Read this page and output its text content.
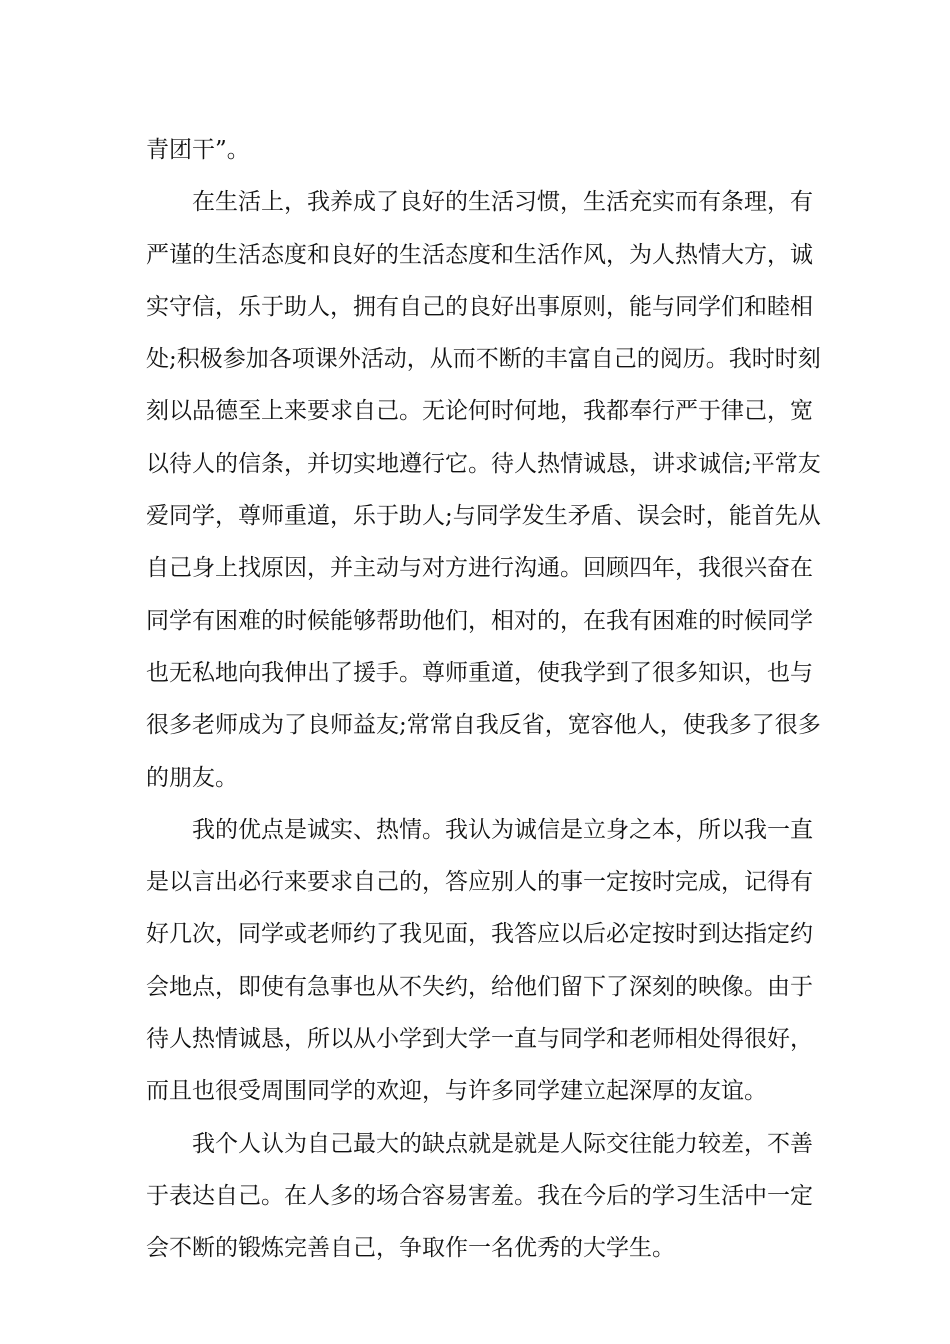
青团干”。
在生活上，我养成了良好的生活习惯，生活充实而有条理，有
严谨的生活态度和良好的生活态度和生活作风，为人热情大方，诚
实守信，乐于助人，拥有自己的良好出事原则，能与同学们和睦相
处;积极参加各项课外活动，从而不断的丰富自己的阅历。我时时刻
刻以品德至上来要求自己。无论何时何地，我都奉行严于律己，宽
以待人的信条，并切实地遵行它。待人热情诚恳，讲求诚信;平常友
爱同学，尊师重道，乐于助人;与同学发生矛盾、误会时，能首先从
自己身上找原因，并主动与对方进行沟通。回顾四年，我很兴奋在
同学有困难的时候能够帮助他们，相对的，在我有困难的时候同学
也无私地向我伸出了援手。尊师重道，使我学到了很多知识，也与
很多老师成为了良师益友;常常自我反省，宽容他人，使我多了很多
的朋友。
我的优点是诚实、热情。我认为诚信是立身之本，所以我一直
是以言出必行来要求自己的，答应别人的事一定按时完成，记得有
好几次，同学或老师约了我见面，我答应以后必定按时到达指定约
会地点，即使有急事也从不失约，给他们留下了深刻的映像。由于
待人热情诚恳，所以从小学到大学一直与同学和老师相处得很好，
而且也很受周围同学的欢迎，与许多同学建立起深厚的友谊。
我个人认为自己最大的缺点就是就是人际交往能力较差，不善
于表达自己。在人多的场合容易害羞。我在今后的学习生活中一定
会不断的锻炼完善自己，争取作一名优秀的大学生。
